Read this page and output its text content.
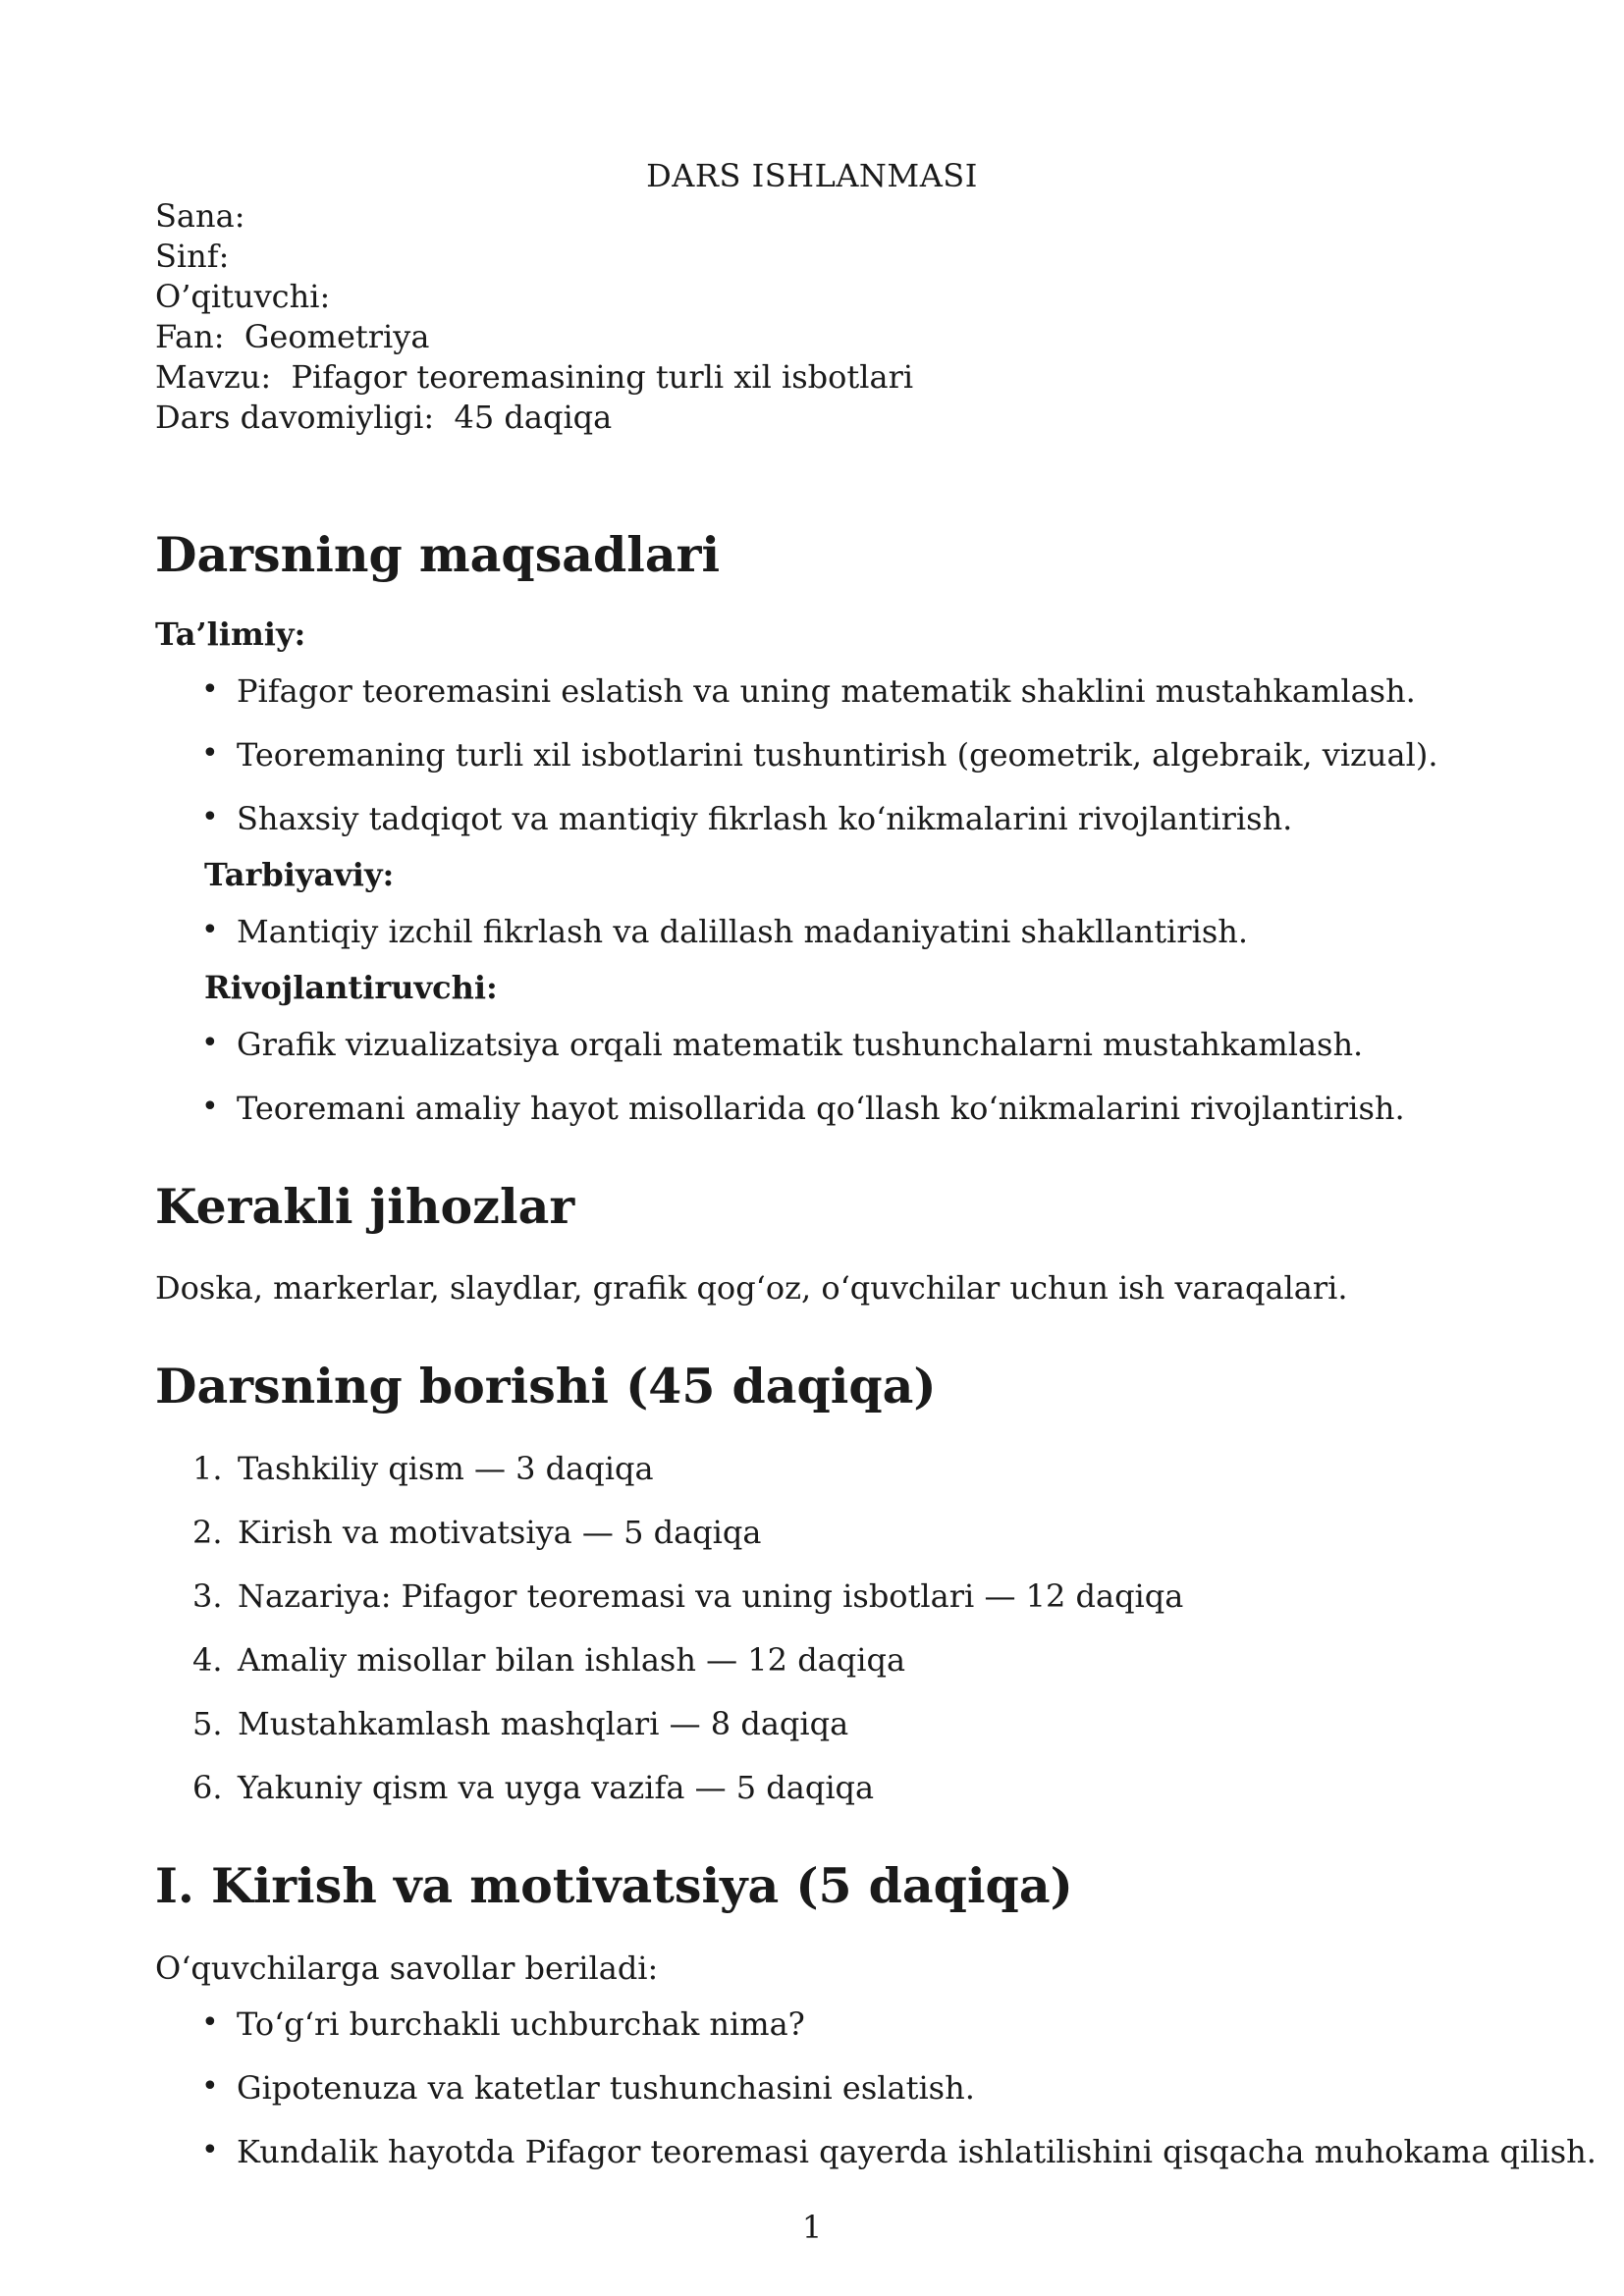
DARS ISHLANMASI
Sana:
Sinf:
O’qituvchi:
Fan:  Geometriya
Mavzu:  Pifagor teoremasining turli xil isbotlari
Dars davomiyligi:  45 daqiqa
Darsning maqsadlari
Ta’limiy:
• Pifagor teoremasini eslatish va uning matematik shaklini mustahkamlash.
• Teoremaning turli xil isbotlarini tushuntirish (geometrik, algebraik, vizual).
• Shaxsiy tadqiqot va mantiqiy fikrlash ko‘nikmalarini rivojlantirish.
Tarbiyaviy:
• Mantiqiy izchil fikrlash va dalillash madaniyatini shakllantirish.
Rivojlantiruvchi:
• Grafik vizualizatsiya orqali matematik tushunchalarni mustahkamlash.
• Teoremani amaliy hayot misollarida qo‘llash ko‘nikmalarini rivojlantirish.
Kerakli jihozlar
Doska, markerlar, slaydlar, grafik qog‘oz, o‘quvchilar uchun ish varaqalari.
Darsning borishi (45 daqiqa)
1. Tashkiliy qism — 3 daqiqa
2. Kirish va motivatsiya — 5 daqiqa
3. Nazariya: Pifagor teoremasi va uning isbotlari — 12 daqiqa
4. Amaliy misollar bilan ishlash — 12 daqiqa
5. Mustahkamlash mashqlari — 8 daqiqa
6. Yakuniy qism va uyga vazifa — 5 daqiqa
I. Kirish va motivatsiya (5 daqiqa)
O‘quvchilarga savollar beriladi:
• To‘g‘ri burchakli uchburchak nima?
• Gipotenuza va katetlar tushunchasini eslatish.
• Kundalik hayotda Pifagor teoremasi qayerda ishlatilishini qisqacha muhokama qilish.
1
